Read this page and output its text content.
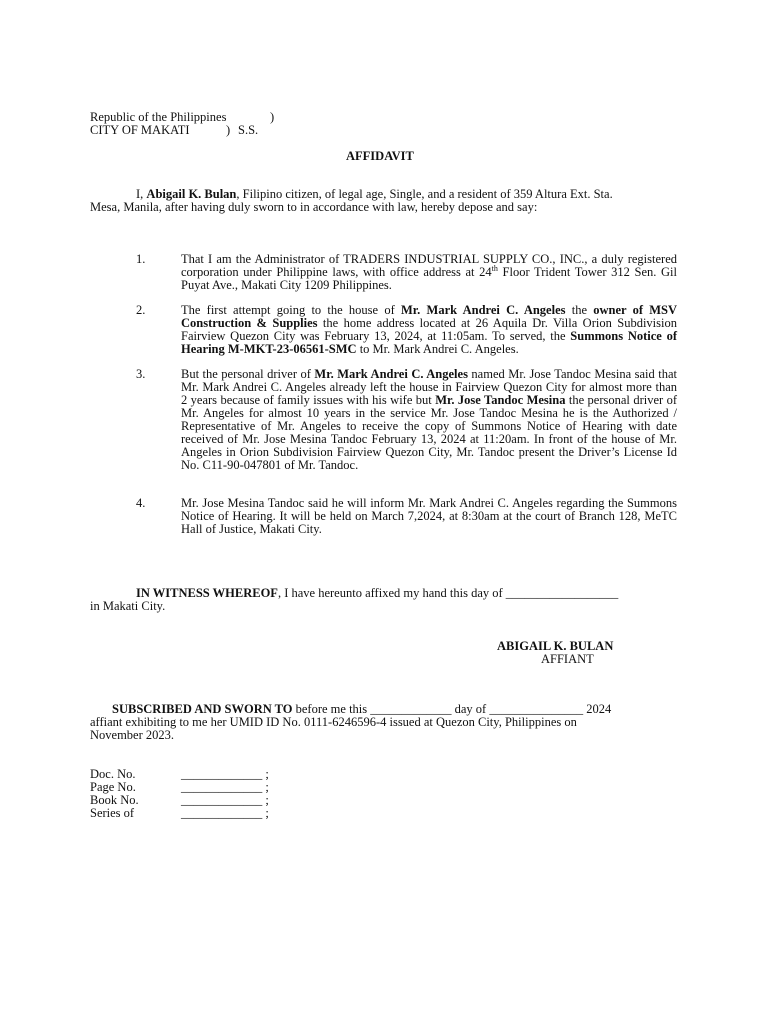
Republic of the Philippines	)
CITY OF MAKATI	) S.S.
AFFIDAVIT
I, Abigail K. Bulan, Filipino citizen, of legal age, Single, and a resident of 359 Altura Ext. Sta.
Mesa, Manila, after having duly sworn to in accordance with law, hereby depose and say:
1.	That I am the Administrator of TRADERS INDUSTRIAL SUPPLY CO., INC., a duly registered corporation under Philippine laws, with office address at 24th Floor Trident Tower 312 Sen. Gil Puyat Ave., Makati City 1209 Philippines.
2.	The first attempt going to the house of Mr. Mark Andrei C. Angeles the owner of MSV Construction & Supplies the home address located at 26 Aquila Dr. Villa Orion Subdivision Fairview Quezon City was February 13, 2024, at 11:05am. To served, the Summons Notice of Hearing M-MKT-23-06561-SMC to Mr. Mark Andrei C. Angeles.
3.	But the personal driver of Mr. Mark Andrei C. Angeles named Mr. Jose Tandoc Mesina said that Mr. Mark Andrei C. Angeles already left the house in Fairview Quezon City for almost more than 2 years because of family issues with his wife but Mr. Jose Tandoc Mesina the personal driver of Mr. Angeles for almost 10 years in the service Mr. Jose Tandoc Mesina he is the Authorized / Representative of Mr. Angeles to receive the copy of Summons Notice of Hearing with date received of Mr. Jose Mesina Tandoc February 13, 2024 at 11:20am. In front of the house of Mr. Angeles in Orion Subdivision Fairview Quezon City, Mr. Tandoc present the Driver’s License Id No. C11-90-047801 of Mr. Tandoc.
4.	Mr. Jose Mesina Tandoc said he will inform Mr. Mark Andrei C. Angeles regarding the Summons Notice of Hearing. It will be held on March 7,2024, at 8:30am at the court of Branch 128, MeTC Hall of Justice, Makati City.
IN WITNESS WHEREOF, I have hereunto affixed my hand this day of __________________
in Makati City.
ABIGAIL K. BULAN
AFFIANT
SUBSCRIBED AND SWORN TO before me this _____________ day of _______________ 2024
affiant exhibiting to me her UMID ID No. 0111-6246596-4 issued at Quezon City, Philippines on
November 2023.
Doc. No.	_____________ ;
Page No.	_____________ ;
Book No.	_____________ ;
Series of	_____________ ;
